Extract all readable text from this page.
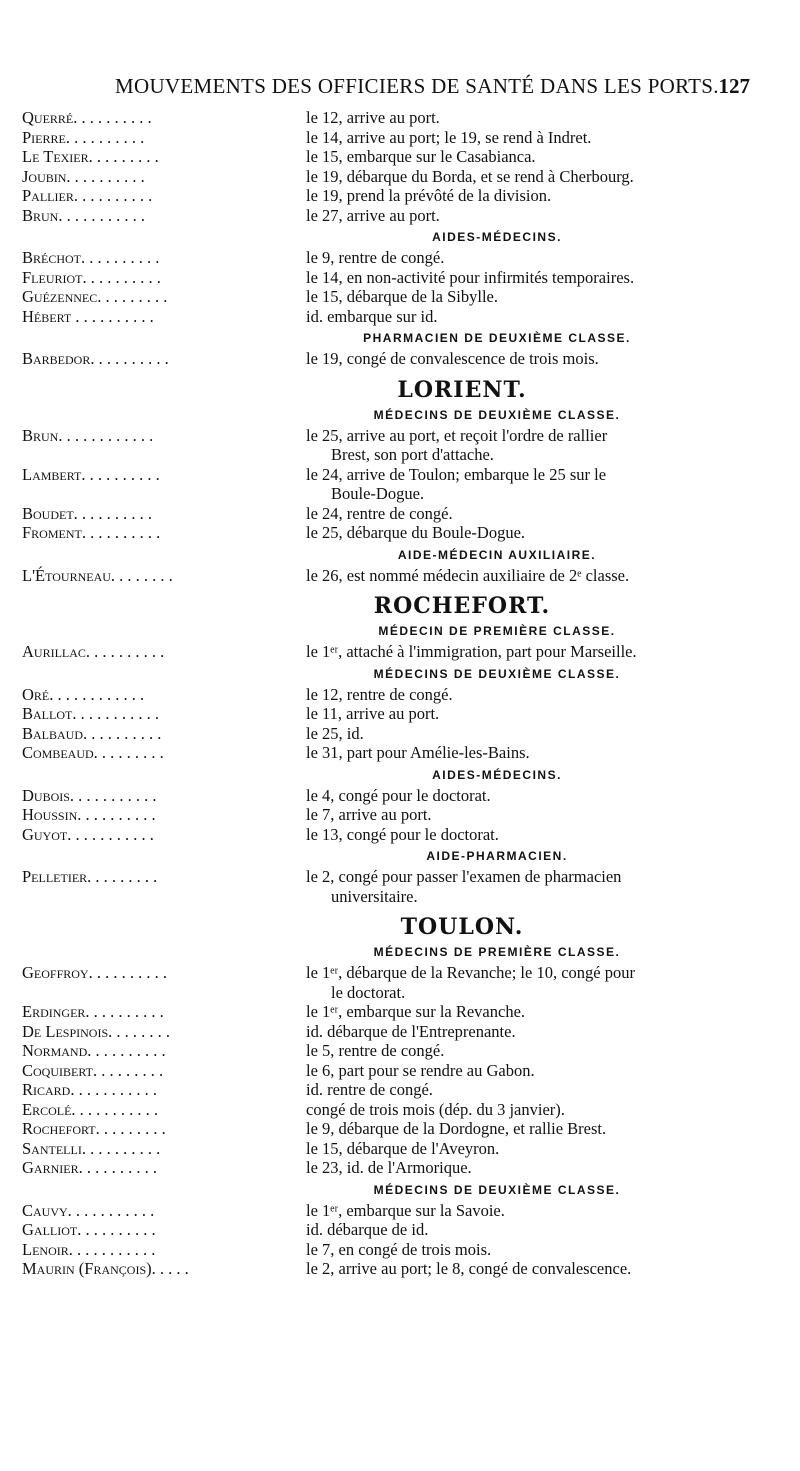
MOUVEMENTS DES OFFICIERS DE SANTÉ DANS LES PORTS. 127
Querré. . . . . . . . . .	le 12, arrive au port.
Pierre. . . . . . . . . .	le 14, arrive au port; le 19, se rend à Indret.
Le Texier. . . . . . . . .	le 15, embarque sur le Casabianca.
Joubin. . . . . . . . . .	le 19, débarque du Borda, et se rend à Cherbourg.
Pallier. . . . . . . . . .	le 19, prend la prévôté de la division.
Brun. . . . . . . . . . .	le 27, arrive au port.
AIDES-MÉDECINS.
Bréchot. . . . . . . . . .	le 9, rentre de congé.
Fleuriot. . . . . . . . . .	le 14, en non-activité pour infirmités temporaires.
Guézennec. . . . . . . . .	le 15, débarque de la Sibylle.
Hébert . . . . . . . . . .	id. embarque sur id.
PHARMACIEN DE DEUXIÈME CLASSE.
Barbedor. . . . . . . . . .	le 19, congé de convalescence de trois mois.
LORIENT.
MÉDECINS DE DEUXIÈME CLASSE.
Brun. . . . . . . . . . . .	le 25, arrive au port, et reçoit l'ordre de rallier
Brest, son port d'attache.
Lambert. . . . . . . . . .	le 24, arrive de Toulon; embarque le 25 sur le
Boule-Dogue.
Boudet. . . . . . . . . .	le 24, rentre de congé.
Froment. . . . . . . . . .	le 25, débarque du Boule-Dogue.
AIDE-MÉDECIN AUXILIAIRE.
L'Étourneau. . . . . . . .	le 26, est nommé médecin auxiliaire de 2ᵉ classe.
ROCHEFORT.
MÉDECIN DE PREMIÈRE CLASSE.
Aurillac. . . . . . . . . .	le 1ᵉʳ, attaché à l'immigration, part pour Marseille.
MÉDECINS DE DEUXIÈME CLASSE.
Oré. . . . . . . . . . . .	le 12, rentre de congé.
Ballot. . . . . . . . . . .	le 11, arrive au port.
Balbaud. . . . . . . . . .	le 25, id.
Combeaud. . . . . . . . .	le 31, part pour Amélie-les-Bains.
AIDES-MÉDECINS.
Dubois. . . . . . . . . . .	le 4, congé pour le doctorat.
Houssin. . . . . . . . . .	le 7, arrive au port.
Guyot. . . . . . . . . . .	le 13, congé pour le doctorat.
AIDE-PHARMACIEN.
Pelletier. . . . . . . . .	le 2, congé pour passer l'examen de pharmacien
universitaire.
TOULON.
MÉDECINS DE PREMIÈRE CLASSE.
Geoffroy. . . . . . . . . .	le 1ᵉʳ, débarque de la Revanche; le 10, congé pour
le doctorat.
Erdinger. . . . . . . . . .	le 1ᵉʳ, embarque sur la Revanche.
De Lespinois. . . . . . . .	id. débarque de l'Entreprenante.
Normand. . . . . . . . . .	le 5, rentre de congé.
Coquibert. . . . . . . . .	le 6, part pour se rendre au Gabon.
Ricard. . . . . . . . . . .	id. rentre de congé.
Ercolé. . . . . . . . . . .	congé de trois mois (dép. du 3 janvier).
Rochefort. . . . . . . . .	le 9, débarque de la Dordogne, et rallie Brest.
Santelli. . . . . . . . . .	le 15, débarque de l'Aveyron.
Garnier. . . . . . . . . .	le 23, id. de l'Armorique.
MÉDECINS DE DEUXIÈME CLASSE.
Cauvy. . . . . . . . . . .	le 1ᵉʳ, embarque sur la Savoie.
Galliot. . . . . . . . . .	id. débarque de id.
Lenoir. . . . . . . . . . .	le 7, en congé de trois mois.
Maurin (François). . . . .	le 2, arrive au port; le 8, congé de convalescence.
